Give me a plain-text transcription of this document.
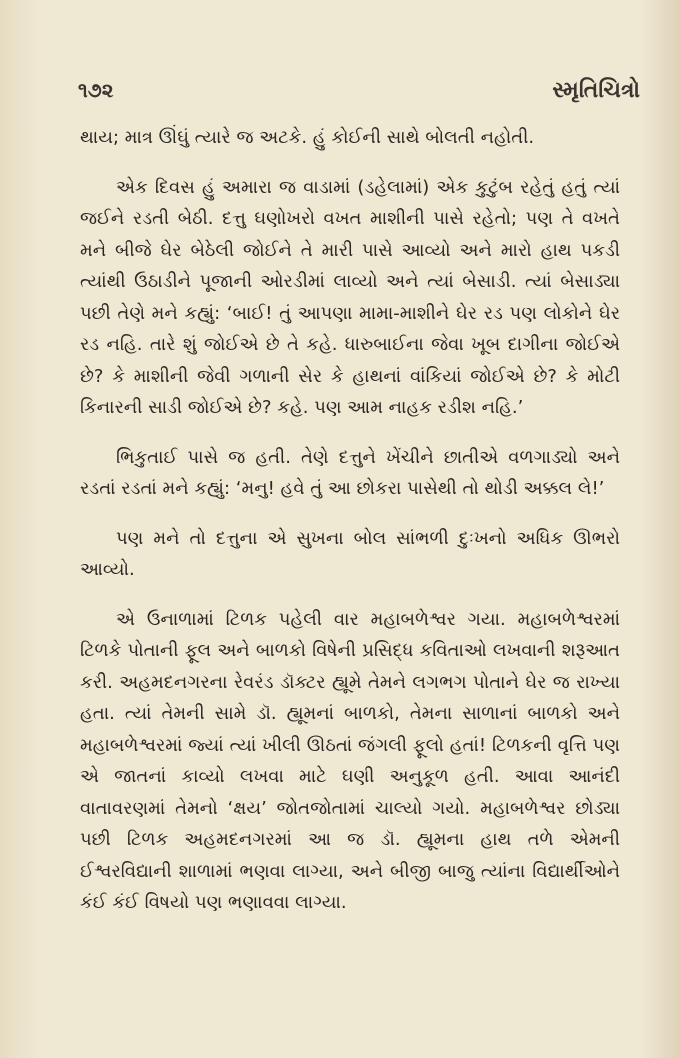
૧૭૨	સ્મૃતિચિત્રો

થાય; માત્ર ઊંઘું ત્યારે જ અટકે. હું કોઈની સાથે બોલતી નહોતી.

એક દિવસ હું અમારા જ વાડામાં (ડહેલામાં) એક કુટુંબ રહેતું હતું ત્યાં જઈને રડતી બેઠી. દત્તુ ઘણોખરો વખત માશીની પાસે રહેતો; પણ તે વખતે મને બીજે ઘેર બેઠેલી જોઈને તે મારી પાસે આવ્યો અને મારો હાથ પકડી ત્યાંથી ઉઠાડીને પૂજાની ઓરડીમાં લાવ્યો અને ત્યાં બેસાડી. ત્યાં બેસાડ્યા પછી તેણે મને કહ્યું: ‘બાઈ! તું આપણા મામા-માશીને ઘેર રડ પણ લોકોને ઘેર રડ નહિ. તારે શું જોઈએ છે તે કહે. ધારુબાઈના જેવા ખૂબ દાગીના જોઈએ છે? કે માશીની જેવી ગળાની સેર કે હાથનાં વાંકિયાં જોઈએ છે? કે મોટી કિનારની સાડી જોઈએ છે? કહે. પણ આમ નાહક રડીશ નહિ.’

ભિકુતાઈ પાસે જ હતી. તેણે દત્તુને ખેંચીને છાતીએ વળગાડ્યો અને રડતાં રડતાં મને કહ્યું: ‘મનુ! હવે તું આ છોકરા પાસેથી તો થોડી અક્કલ લે!’

પણ મને તો દત્તુના એ સુખના બોલ સાંભળી દુઃખનો અધિક ઊભરો આવ્યો.

એ ઉનાળામાં ટિળક પહેલી વાર મહાબળેશ્વર ગયા. મહાબળેશ્વરમાં ટિળકે પોતાની ફૂલ અને બાળકો વિષેની પ્રસિદ્ધ કવિતાઓ લખવાની શરૂઆત કરી. અહમદનગરના રેવરંડ ડૉક્ટર હ્યૂમે તેમને લગભગ પોતાને ઘેર જ રાખ્યા હતા. ત્યાં તેમની સામે ડૉ. હ્યૂમનાં બાળકો, તેમના સાળાનાં બાળકો અને મહાબળેશ્વરમાં જ્યાં ત્યાં ખીલી ઊઠતાં જંગલી ફૂલો હતાં! ટિળકની વૃત્તિ પણ એ જાતનાં કાવ્યો લખવા માટે ઘણી અનુકૂળ હતી. આવા આનંદી વાતાવરણમાં તેમનો ‘ક્ષય’ જોતજોતામાં ચાલ્યો ગયો. મહાબળેશ્વર છોડ્યા પછી ટિળક અહમદનગરમાં આ જ ડૉ. હ્યૂમના હાથ તળે એમની ઈશ્વરવિદ્યાની શાળામાં ભણવા લાગ્યા, અને બીજી બાજુ ત્યાંના વિદ્યાર્થીઓને કંઈ કંઈ વિષયો પણ ભણાવવા લાગ્યા.
